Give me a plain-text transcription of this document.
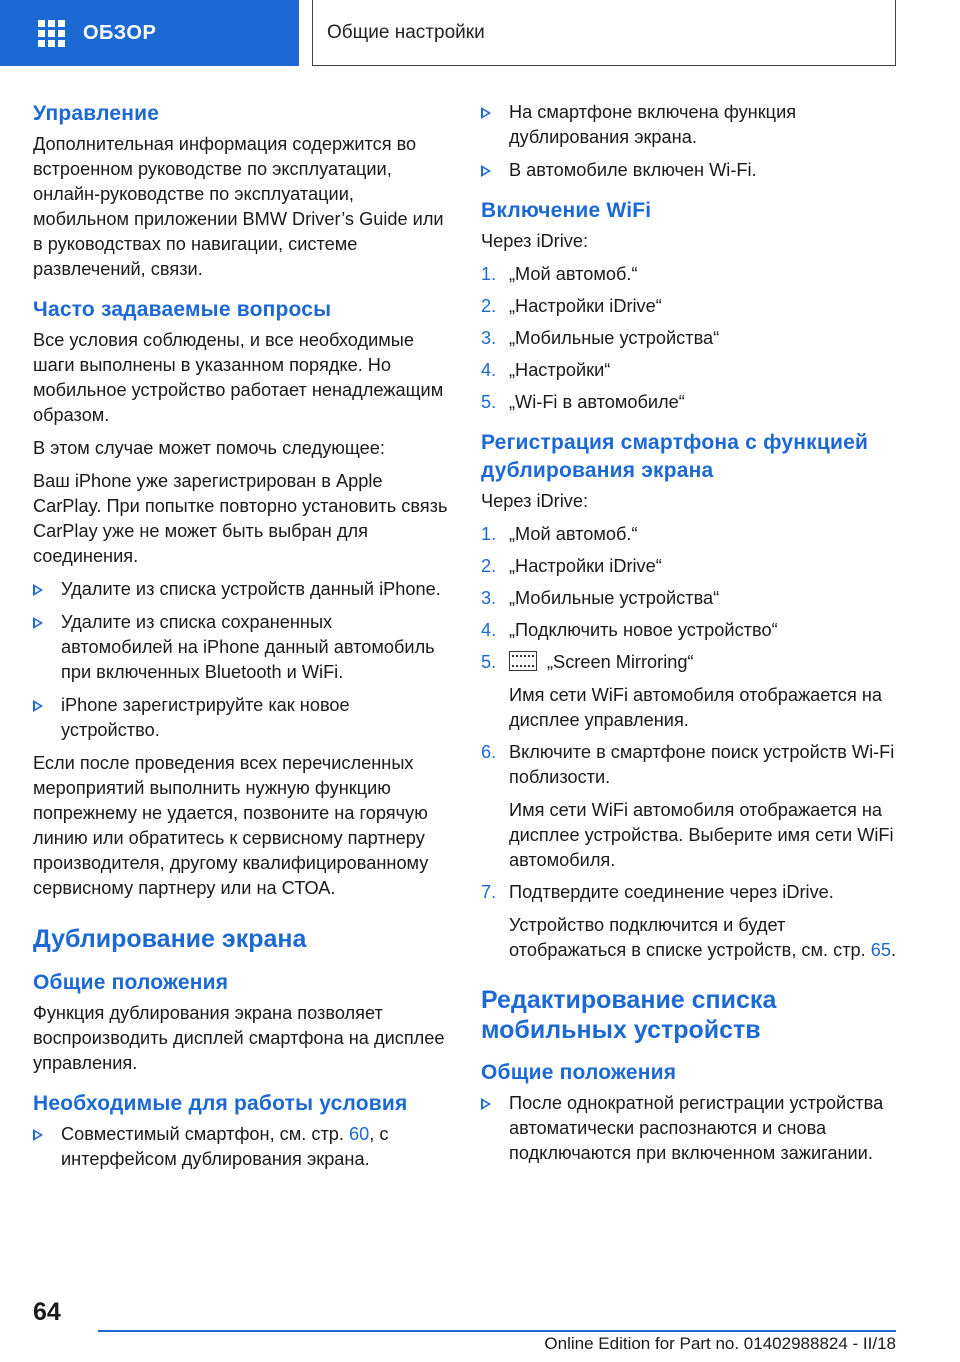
ОБЗОР	Общие настройки
Управление

Дополнительная информация содержится во встроенном руководстве по эксплуатации, онлайн-руководстве по эксплуатации, мобильном приложении BMW Driver’s Guide или в руководствах по навигации, системе развлечений, связи.

Часто задаваемые вопросы

Все условия соблюдены, и все необходимые шаги выполнены в указанном порядке. Но мобильное устройство работает ненадлежащим образом.

В этом случае может помочь следующее:

Ваш iPhone уже зарегистрирован в Apple CarPlay. При попытке повторно установить связь CarPlay уже не может быть выбран для соединения.

Удалите из списка устройств данный iPhone.
Удалите из списка сохраненных автомобилей на iPhone данный автомобиль при включенных Bluetooth и WiFi.
iPhone зарегистрируйте как новое устройство.

Если после проведения всех перечисленных мероприятий выполнить нужную функцию попрежнему не удается, позвоните на горячую линию или обратитесь к сервисному партнеру производителя, другому квалифицированному сервисному партнеру или на СТОА.

Дублирование экрана
Общие положения

Функция дублирования экрана позволяет воспроизводить дисплей смартфона на дисплее управления.

Необходимые для работы условия
Совместимый смартфон, см. стр. 60, с интерфейсом дублирования экрана.
На смартфоне включена функция дублирования экрана.
В автомобиле включен Wi-Fi.
Включение WiFi

Через iDrive:

1. „Мой автомоб.“
2. „Настройки iDrive“
3. „Мобильные устройства“
4. „Настройки“
5. „Wi-Fi в автомобиле“
Регистрация смартфона с функцией дублирования экрана

Через iDrive:

1. „Мой автомоб.“
2. „Настройки iDrive“
3. „Мобильные устройства“
4. „Подключить новое устройство“
5.	„Screen Mirroring“
Имя сети WiFi автомобиля отображается на дисплее управления.
6. Включите в смартфоне поиск устройств Wi-Fi поблизости.
Имя сети WiFi автомобиля отображается на дисплее устройства. Выберите имя сети WiFi автомобиля.
7. Подтвердите соединение через iDrive.
Устройство подключится и будет отображаться в списке устройств, см. стр. 65.
Редактирование списка мобильных устройств
Общие положения
После однократной регистрации устройства автоматически распознаются и снова подключаются при включенном зажигании.
64
Online Edition for Part no. 01402988824 - II/18
